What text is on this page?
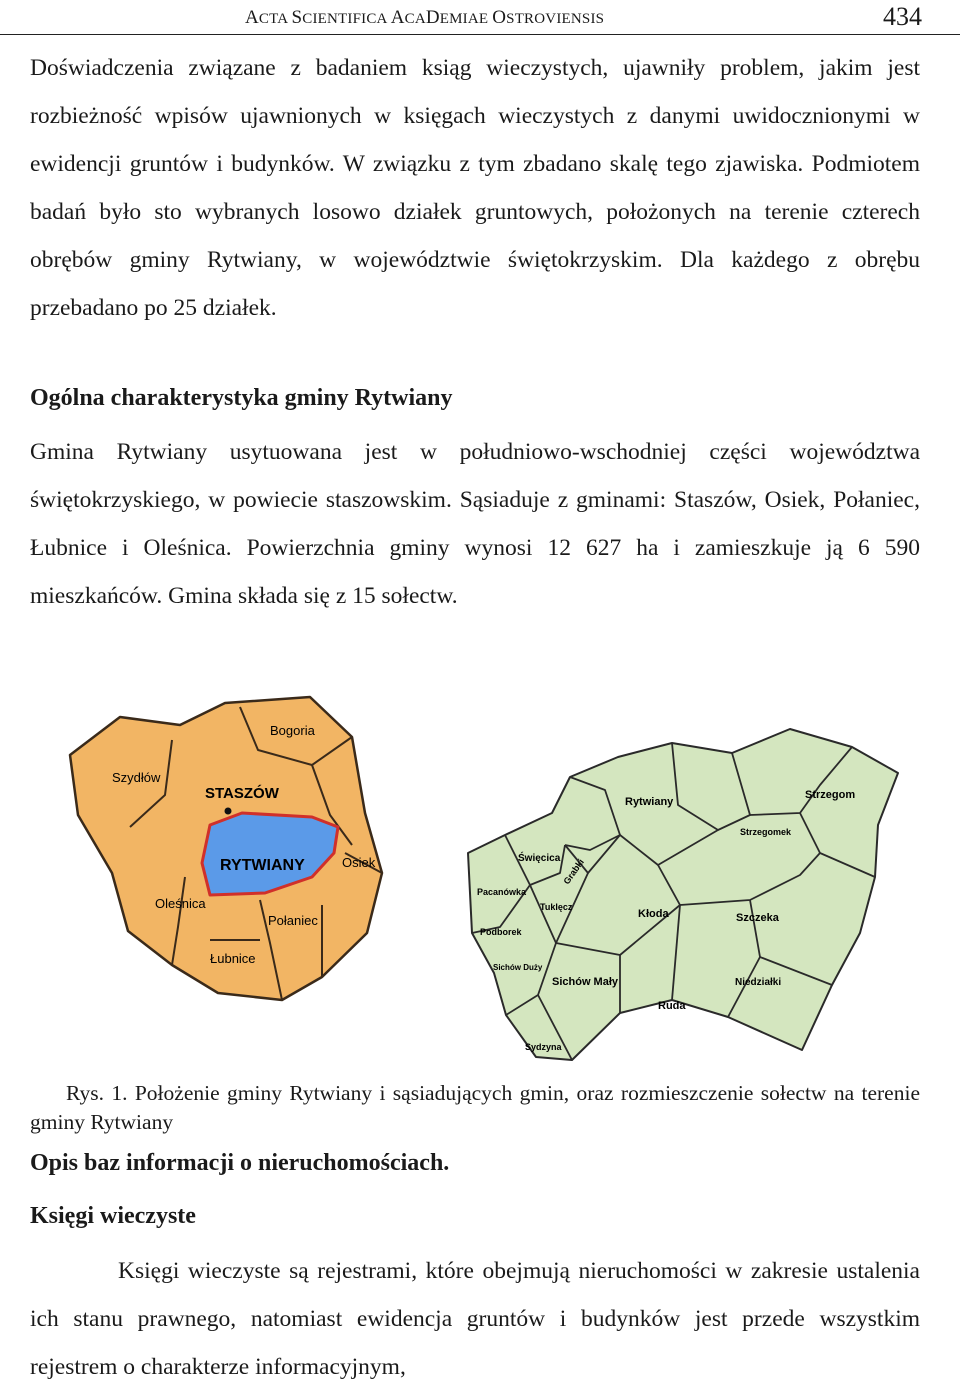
ACTA SCIENTIFICA ACADEMIAE OSTROVIENSIS	434

Doświadczenia związane z badaniem ksiąg wieczystych, ujawniły problem, jakim jest rozbieżność wpisów ujawnionych w księgach wieczystych z danymi uwidocznionymi w ewidencji gruntów i budynków. W związku z tym zbadano skalę tego zjawiska. Podmiotem badań było sto wybranych losowo działek gruntowych, położonych na terenie czterech obrębów gminy Rytwiany, w województwie świętokrzyskim. Dla każdego z obrębu przebadano po 25 działek.

Ogólna charakterystyka gminy Rytwiany

Gmina Rytwiany usytuowana jest w południowo-wschodniej części województwa świętokrzyskiego, w powiecie staszowskim. Sąsiaduje z gminami: Staszów, Osiek, Połaniec, Łubnice i Oleśnica. Powierzchnia gminy wynosi 12 627 ha i zamieszkuje ją 6 590 mieszkańców. Gmina składa się z 15 sołectw.

Bogoria
Szydłów
STASZÓW
RYTWIANY	Osiek
Oleśnica
Połaniec
Łubnice
Rytwiany
Strzegom
Strzegomek
Święcica Grabki
Pacanówka
Tuklęcz
Kłoda	Szczeka
Podborek
Sichów Duży
Sichów Mały	Niedziałki
Ruda
Sydzyna

Rys. 1. Położenie gminy Rytwiany i sąsiadujących gmin, oraz rozmieszczenie sołectw na terenie gminy Rytwiany

Opis baz informacji o nieruchomościach.
Księgi wieczyste

Księgi wieczyste są rejestrami, które obejmują nieruchomości w zakresie ustalenia ich stanu prawnego, natomiast ewidencja gruntów i budynków jest przede wszystkim rejestrem o charakterze informacyjnym,
